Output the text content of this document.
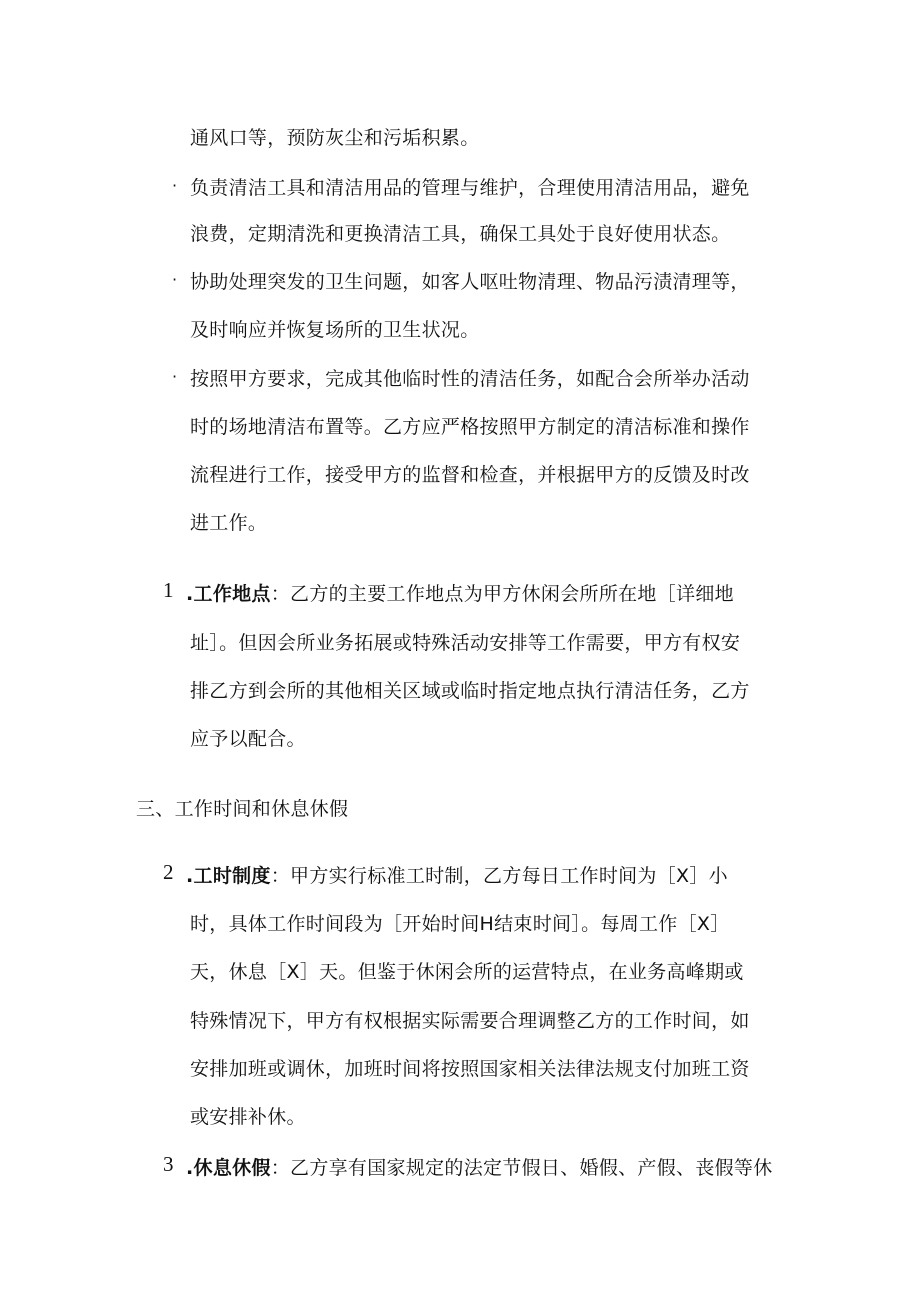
通风口等，预防灰尘和污垢积累。
· 负责清洁工具和清洁用品的管理与维护，合理使用清洁用品，避免
浪费，定期清洗和更换清洁工具，确保工具处于良好使用状态。
· 协助处理突发的卫生问题，如客人呕吐物清理、物品污渍清理等，
及时响应并恢复场所的卫生状况。
· 按照甲方要求，完成其他临时性的清洁任务，如配合会所举办活动
时的场地清洁布置等。乙方应严格按照甲方制定的清洁标准和操作
流程进行工作，接受甲方的监督和检查，并根据甲方的反馈及时改
进工作。
1 .工作地点：乙方的主要工作地点为甲方休闲会所所在地［详细地
址］。但因会所业务拓展或特殊活动安排等工作需要，甲方有权安
排乙方到会所的其他相关区域或临时指定地点执行清洁任务，乙方
应予以配合。
三、工作时间和休息休假
2 .工时制度：甲方实行标准工时制，乙方每日工作时间为［X］小
时，具体工作时间段为［开始时间H结束时间］。每周工作［X］
天，休息［X］天。但鉴于休闲会所的运营特点，在业务高峰期或
特殊情况下，甲方有权根据实际需要合理调整乙方的工作时间，如
安排加班或调休，加班时间将按照国家相关法律法规支付加班工资
或安排补休。
3 .休息休假：乙方享有国家规定的法定节假日、婚假、产假、丧假等休
